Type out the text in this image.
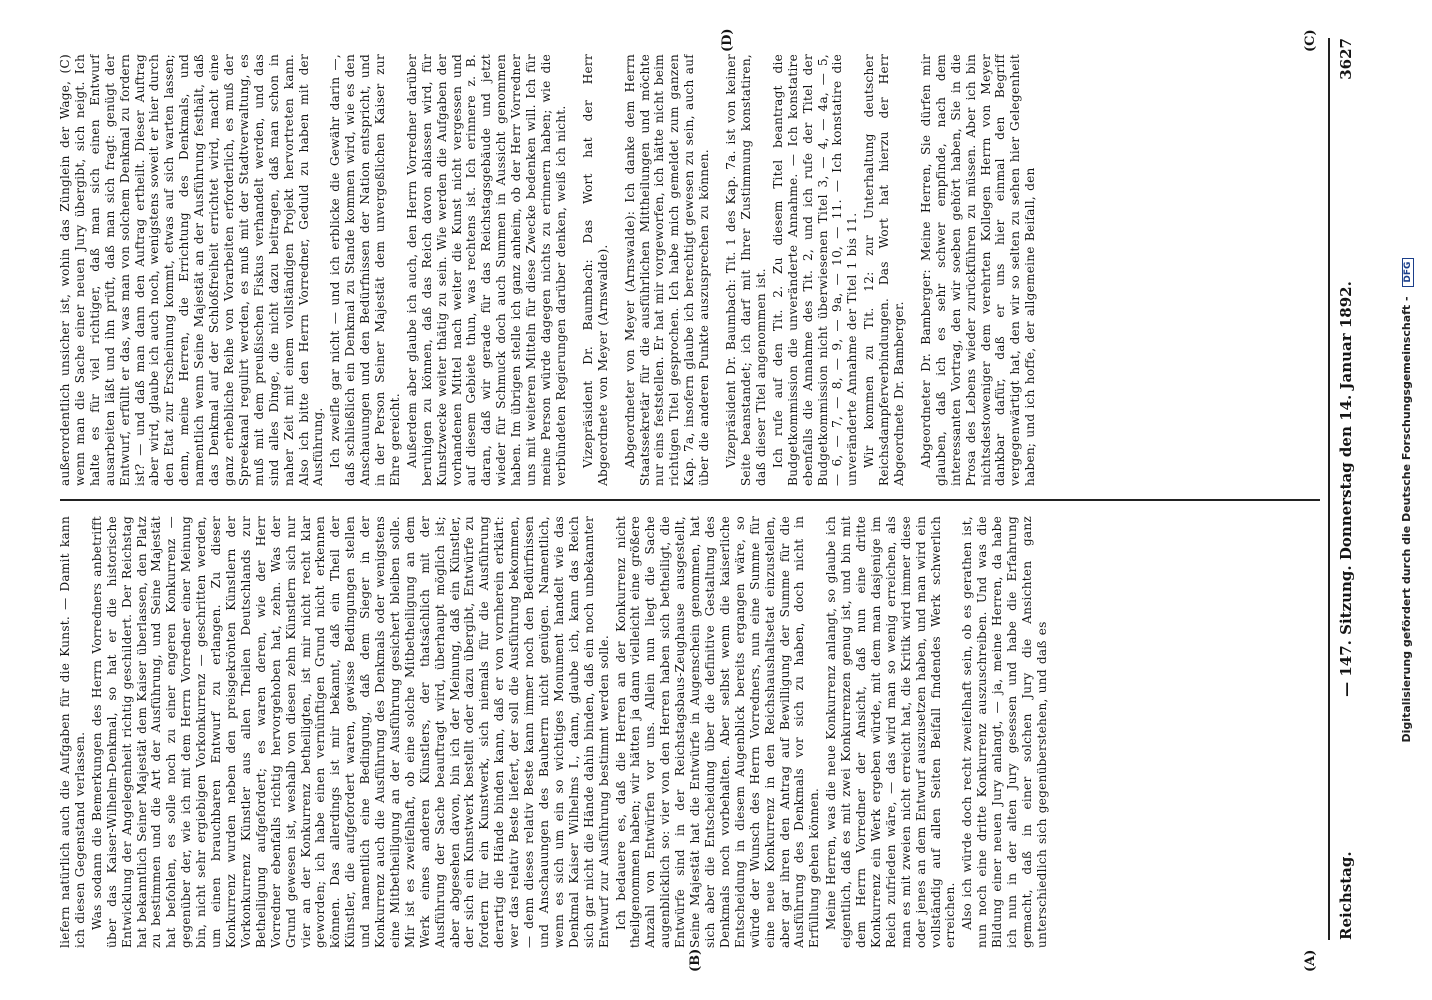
Reichstag.
— 147. Sitzung. Donnerstag den 14. Januar 1892.
3627
(A)
(B)
(C)
(D)

liefern natürlich auch die Aufgaben für die Kunst. — Damit kann ich diesen Gegenstand verlassen. Was sodann die Bemerkungen des Herrn Vorredners anbetrifft über das Kaiser-Wilhelm-Denkmal, so hat er die historische Entwicklung der Angelegenheit richtig geschildert. Der Reichstag hat bekanntlich Seiner Majestät dem Kaiser überlassen, den Platz zu bestimmen und die Art der Ausführung, und Seine Majestät hat befohlen, es solle noch zu einer engeren Konkurrenz — gegenüber der, wie ich mit dem Herrn Vorredner einer Meinung bin, nicht sehr ergiebigen Vorkonkurrenz — geschritten werden, um einen brauchbaren Entwurf zu erlangen. Zu dieser Konkurrenz wurden neben den preisgekrönten Künstlern der Vorkonkurrenz Künstler aus allen Theilen Deutschlands zur Betheiligung aufgefordert; es waren deren, wie der Herr Vorredner ebenfalls richtig hervorgehoben hat, zehn. Was der Grund gewesen ist, weshalb von diesen zehn Künstlern sich nur vier an der Konkurrenz betheiligten, ist mir nicht recht klar geworden; ich habe einen vernünftigen Grund nicht erkennen können. Das allerdings ist mir bekannt, daß ein Theil der Künstler, die aufgefordert waren, gewisse Bedingungen stellen und namentlich eine Bedingung, daß dem Sieger in der Konkurrenz auch die Ausführung des Denkmals oder wenigstens eine Mitbetheiligung an der Ausführung gesichert bleiben solle. Mir ist es zweifelhaft, ob eine solche Mitbetheiligung an dem Werk eines anderen Künstlers, der thatsächlich mit der Ausführung der Sache beauftragt wird, überhaupt möglich ist; aber abgesehen davon, bin ich der Meinung, daß ein Künstler, der sich ein Kunstwerk bestellt oder dazu übergibt, Entwürfe zu fordern für ein Kunstwerk, sich niemals für die Ausführung derartig die Hände binden kann, daß er von vornherein erklärt: wer das relativ Beste liefert, der soll die Ausführung bekommen, — denn dieses relativ Beste kann immer noch den Bedürfnissen und Anschauungen des Bauherrn nicht genügen. Namentlich, wenn es sich um ein so wichtiges Monument handelt wie das Denkmal Kaiser Wilhelms I., dann, glaube ich, kann das Reich sich gar nicht die Hände dahin binden, daß ein noch unbekannter Entwurf zur Ausführung bestimmt werden solle. Ich bedauere es, daß die Herren an der Konkurrenz nicht theilgenommen haben; wir hätten ja dann vielleicht eine größere Anzahl von Entwürfen vor uns. Allein nun liegt die Sache augenblicklich so: vier von den Herren haben sich betheiligt, die Entwürfe sind in der Reichstagsbaus-Zeughause ausgestellt, Seine Majestät hat die Entwürfe in Augenschein genommen, hat sich aber die Entscheidung über die definitive Gestaltung des Denkmals noch vorbehalten. Aber selbst wenn die kaiserliche Entscheidung in diesem Augenblick bereits ergangen wäre, so würde der Wunsch des Herrn Vorredners, nun eine Summe für eine neue Konkurrenz in den Reichshaushaltsetat einzustellen, aber gar ihren den Antrag auf Bewilligung der Summe für die Ausführung des Denkmals vor sich zu haben, doch nicht in Erfüllung gehen können. Meine Herren, was die neue Konkurrenz anlangt, so glaube ich eigentlich, daß es mit zwei Konkurrenzen genug ist, und bin mit dem Herrn Vorredner der Ansicht, daß nun eine dritte Konkurrenz ein Werk ergeben würde, mit dem man dasjenige im Reich zufrieden wäre, — das wird man so wenig erreichen, als man es mit zweien nicht erreicht hat, die Kritik wird immer diese oder jenes an dem Entwurf auszusetzen haben, und man wird ein vollständig auf allen Seiten Beifall findendes Werk schwerlich erreichen. Also ich würde doch recht zweifelhaft sein, ob es gerathen ist, nun noch eine dritte Konkurrenz auszuschreiben. Und was die Bildung einer neuen Jury anlangt, — ja, meine Herren, da habe ich nun in der alten Jury gesessen und habe die Erfahrung gemacht, daß in einer solchen Jury die Ansichten ganz unterschiedlich sich gegenüberstehen, und daß es

außerordentlich unsicher ist, wohin das Zünglein der Wage, (C) wenn man die Sache einer neuen Jury übergibt, sich neigt. Ich halte es für viel richtiger, daß man sich einen Entwurf ausarbeiten läßt und ihn prüft, daß man sich fragt: genügt der Entwurf, erfüllt er das, was man von solchem Denkmal zu fordern ist? — und daß man dann den Auftrag ertheilt. Dieser Auftrag aber wird, glaube ich auch noch, wenigstens soweit er hier durch den Etat zur Erscheinung kommt, etwas auf sich warten lassen; denn, meine Herren, die Errichtung des Denkmals, und namentlich wenn Seine Majestät an der Ausführung festhält, daß das Denkmal auf der Schloßfreiheit errichtet wird, macht eine ganz erhebliche Reihe von Vorarbeiten erforderlich, es muß der Spreekanal regulirt werden, es muß mit der Stadtverwaltung, es muß mit dem preußischen Fiskus verhandelt werden, und das sind alles Dinge, die nicht dazu beitragen, daß man schon in naher Zeit mit einem vollständigen Projekt hervortreten kann. Also ich bitte den Herrn Vorredner, Geduld zu haben mit der Ausführung. Ich zweifle gar nicht — und ich erblicke die Gewähr darin —, daß schließlich ein Denkmal zu Stande kommen wird, wie es den Anschauungen und den Bedürfnissen der Nation entspricht, und in der Person Seiner Majestät dem unvergeßlichen Kaiser zur Ehre gereicht. Außerdem aber glaube ich auch, den Herrn Vorredner darüber beruhigen zu können, daß das Reich davon ablassen wird, für Kunstzwecke weiter thätig zu sein. Wie werden die Aufgaben der vorhandenen Mittel nach weiter die Kunst nicht vergessen und auf diesem Gebiete thun, was rechtens ist. Ich erinnere z. B. daran, daß wir gerade für das Reichstagsgebäude und jetzt wieder für Schmuck doch auch Summen in Aussicht genommen haben. Im übrigen stelle ich ganz anheim, ob der Herr Vorredner uns mit weiteren Mitteln für diese Zwecke bedenken will. Ich für meine Person würde dagegen nichts zu erinnern haben; wie die verbündeten Regierungen darüber denken, weiß ich nicht. Vizepräsident Dr. Baumbach: Das Wort hat der Herr Abgeordnete von Meyer (Arnswalde). Abgeordneter von Meyer (Arnswalde): Ich danke dem Herrn Staatssekretär für die ausführlichen Mittheilungen und möchte nur eins feststellen. Er hat mir vorgeworfen, ich hätte nicht beim richtigen Titel gesprochen. Ich habe mich gemeldet zum ganzen Kap. 7a, insofern glaube ich berechtigt gewesen zu sein, auch auf über die anderen Punkte auszusprechen zu können. Vizepräsident Dr. Baumbach: Tit. 1 des Kap. 7a. ist von keiner Seite beanstandet; ich darf mit Ihrer Zustimmung konstatiren, daß dieser Titel angenommen ist. Ich rufe auf den Tit. 2. Zu diesem Titel beantragt die Budgetkommission die unveränderte Annahme. — Ich konstatire ebenfalls die Annahme des Tit. 2, und ich rufe der Titel der Budgetkommission nicht überwiesenen Titel 3, — 4, — 4a, — 5, — 6, — 7, — 8, — 9, — 9a, — 10, — 11. — Ich konstatire die unveränderte Annahme der Titel 1 bis 11. Wir kommen zu Tit. 12: zur Unterhaltung deutscher Reichsdampferverbindungen. Das Wort hat hierzu der Herr Abgeordnete Dr. Bamberger. Abgeordneter Dr. Bamberger: Meine Herren, Sie dürfen mir glauben, daß ich es sehr schwer empfinde, nach dem interessanten Vortrag, den wir soeben gehört haben, Sie in die Prosa des Lebens wieder zurückführen zu müssen. Aber ich bin nichtsdestoweniger dem verehrten Kollegen Herrn von Meyer dankbar dafür, daß er uns hier einmal den Begriff vergegenwärtigt hat, den wir so selten zu sehen hier Gelegenheit haben; und ich hoffe, der allgemeine Beifall, den	Digitalisierung gefördert durch die Deutsche Forschungsgemeinschaft - DFG
